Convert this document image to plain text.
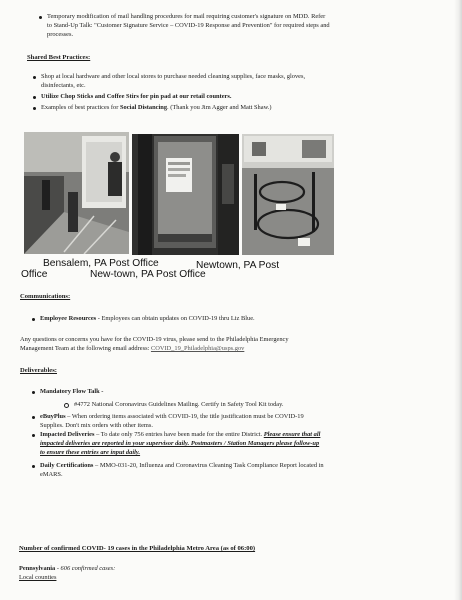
Temporary modification of mail handling procedures for mail requiring customer's signature on MDD. Refer
to Stand-Up Talk: "Customer Signature Service – COVID-19 Response and Prevention" for required steps and
processes.
Shared Best Practices:
Shop at local hardware and other local stores to purchase needed cleaning supplies, face masks, gloves,
disinfectants, etc.
Utilize Chop Sticks and Coffee Stirs for pin pad at our retail counters.
Examples of best practices for Social Distancing. (Thank you Jim Agger and Matt Shaw.)
Bensalem, PA Post Office	Newtown, PA Post
Office	New-town, PA Post Office
Communications:
Employee Resources - Employees can obtain updates on COVID-19 thru Liz Blue.
Any questions or concerns you have for the COVID-19 virus, please send to the Philadelphia Emergency
Management Team at the following email address: COVID_19_Philadelphia@usps.gov
Deliverables:
Mandatory Flow Talk -
#4772 National Coronavirus Guidelines Mailing. Certify in Safety Tool Kit today.
eBuyPlus – When ordering items associated with COVID-19, the title justification must be COVID-19
Supplies. Don't mix orders with other items.
Impacted Deliveries – To date only 756 entries have been made for the entire District. Please ensure that all
impacted deliveries are reported in your supervisor daily. Postmasters / Station Managers please follow-up
to ensure these entries are input daily.
Daily Certifications – MMO-031-20, Influenza and Coronavirus Cleaning Task Compliance Report located in
eMARS.
Number of confirmed COVID- 19 cases in the Philadelphia Metro Area (as of 06:00)
Pennsylvania - 606 confirmed cases:
Local counties
